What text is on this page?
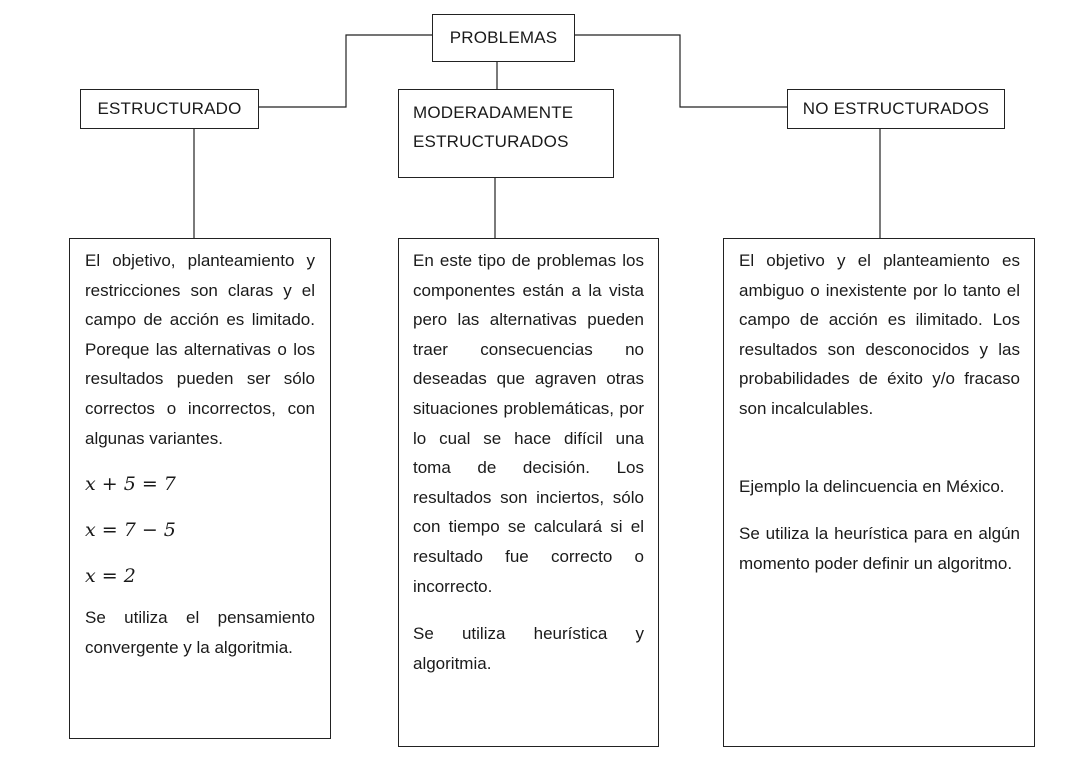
PROBLEMAS
ESTRUCTURADO	MODERADAMENTE ESTRUCTURADOS
NO ESTRUCTURADOS

El objetivo, planteamiento y restricciones son claras y el campo de acción es limitado. Poreque las alternativas o los resultados pueden ser sólo correctos o incorrectos, con algunas variantes.

x + 5 = 7
x = 7 − 5
x = 2

Se utiliza el pensamiento convergente y la algoritmia.

En este tipo de problemas los componentes están a la vista pero las alternativas pueden traer consecuencias no deseadas que agraven otras situaciones problemáticas, por lo cual se hace difícil una toma de decisión. Los resultados son inciertos, sólo con tiempo se calculará si el resultado fue correcto o incorrecto.

Se utiliza heurística y algoritmia.

El objetivo y el planteamiento es ambiguo o inexistente por lo tanto el campo de acción es ilimitado. Los resultados son desconocidos y las probabilidades de éxito y/o fracaso son incalculables.

Ejemplo la delincuencia en México.

Se utiliza la heurística para en algún momento poder definir un algoritmo.
